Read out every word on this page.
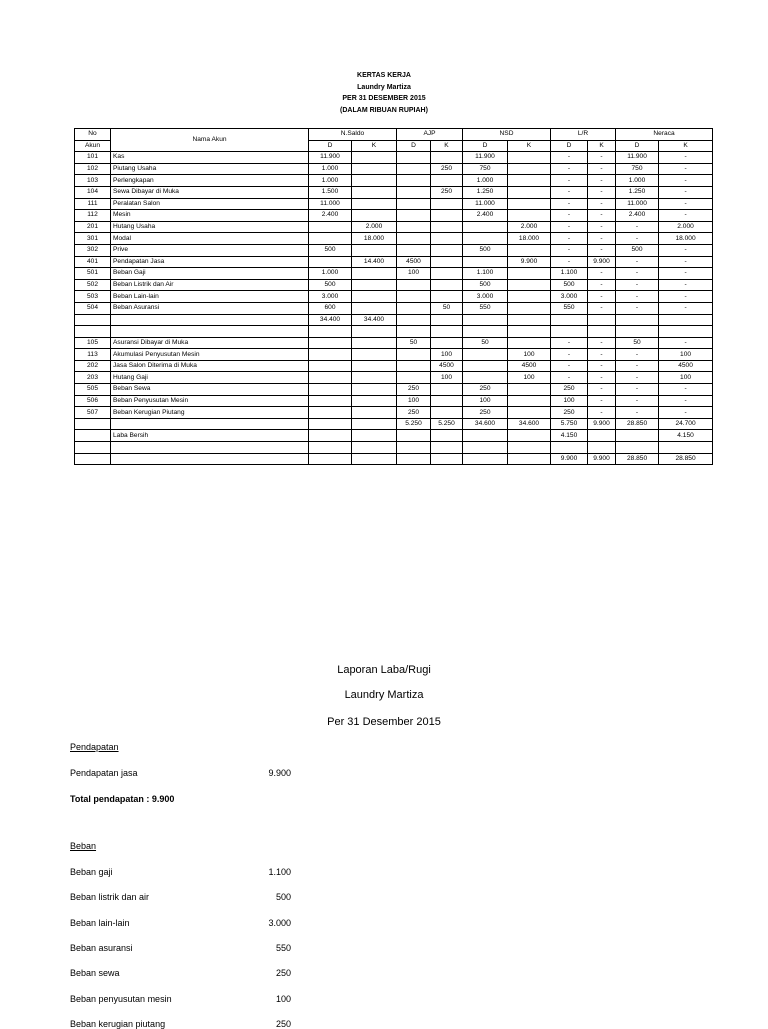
KERTAS KERJA
Laundry Martiza
PER 31 DESEMBER 2015
(DALAM RIBUAN RUPIAH)
No	Nama Akun	N.Saldo		AJP		NSD		L/R		Neraca	
Akun		D	K	D	K	D	K	D	K	D	K
101	Kas	11.900				11.900		-	-	11.900	-
102	Piutang Usaha	1.000			250	750		-	-	750	-
103	Perlengkapan	1.000				1.000		-	-	1.000	-
104	Sewa Dibayar di Muka	1.500			250	1.250		-	-	1.250	-
111	Peralatan Salon	11.000				11.000		-	-	11.000	-
112	Mesin	2.400				2.400		-	-	2.400	-
201	Hutang Usaha		2.000				2.000	-	-	-	2.000
301	Modal		18.000				18.000	-	-	-	18.000
302	Prive	500				500		-	-	500	-
401	Pendapatan Jasa		14.400	4500			9.900	-	9.900	-	-
501	Beban Gaji	1.000		100		1.100		1.100	-	-	-
502	Beban Listrik dan Air	500				500		500	-	-	-
503	Beban Lain-lain	3.000				3.000		3.000	-	-	-
504	Beban Asuransi	600			50	550		550	-	-	-
		34.400	34.400								

105	Asuransi Dibayar di Muka			50		50		-	-	50	-
113	Akumulasi Penyusutan Mesin				100		100	-	-	-	100
202	Jasa Salon Diterima di Muka				4500		4500	-	-	-	4500
203	Hutang Gaji				100		100	-	-	-	100
505	Beban Sewa			250		250		250	-	-	-
506	Beban Penyusutan Mesin			100		100		100	-	-	-
507	Beban Kerugian Piutang			250		250		250	-	-	-
				5.250	5.250	34.600	34.600	5.750	9.900	28.850	24.700
	Laba Bersih							4.150			4.150

								9.900	9.900	28.850	28.850
Laporan Laba/Rugi
Laundry Martiza
Per 31 Desember 2015
Pendapatan
Pendapatan jasa	9.900
Total pendapatan : 9.900
Beban
Beban gaji	1.100
Beban listrik dan air	500
Beban lain-lain	3.000
Beban asuransi	550
Beban sewa	250
Beban penyusutan mesin	100
Beban kerugian piutang	250
